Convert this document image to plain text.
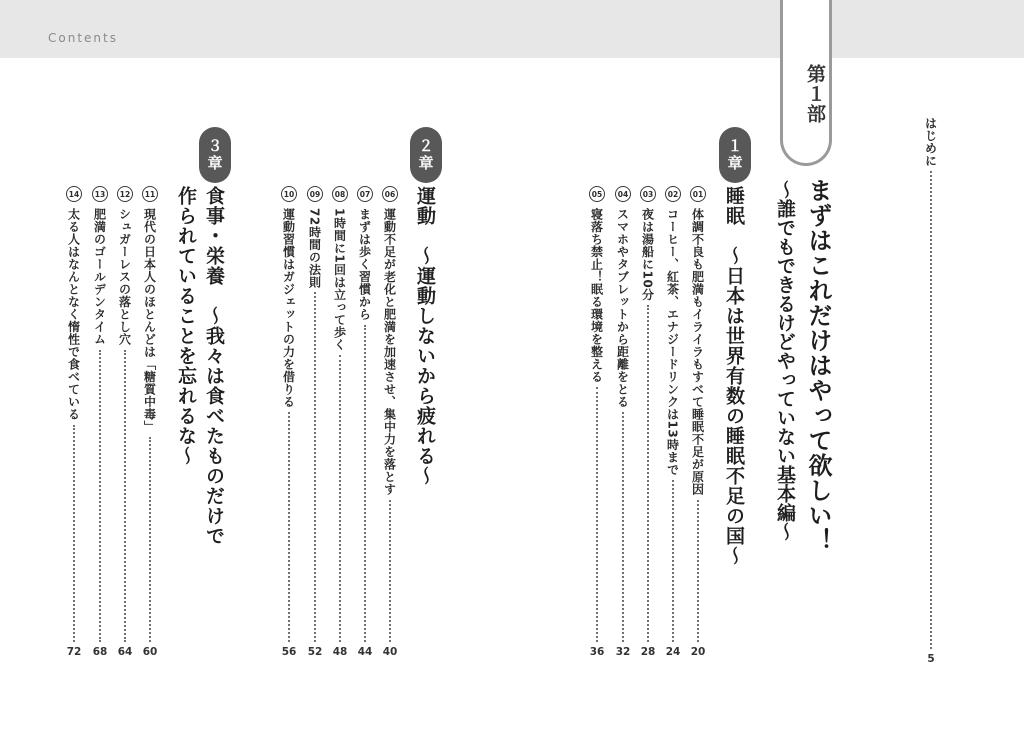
Contents
第１部
はじめに
5
まずはこれだけはやって欲しい！
～誰でもできるけどやっていない基本編～
１章
睡眠　～日本は世界有数の睡眠不足の国～
01
体調不良も肥満もイライラもすべて睡眠不足が原因
20
02
コーヒー、紅茶、エナジードリンクは13時まで
24
03
夜は湯船に10分
28
04
スマホやタブレットから距離をとる
32
05
寝落ち禁止！眠る環境を整える
36
２章
運動　～運動しないから疲れる～
06
運動不足が老化と肥満を加速させ、集中力を落とす
40
07
まずは歩く習慣から
44
08
1時間に1回は立って歩く
48
09
72時間の法則
52
10
運動習慣はガジェットの力を借りる
56
３章
食事・栄養　～我々は食べたものだけで
作られていることを忘れるな～
11
現代の日本人のほとんどは「糖質中毒」
60
12
シュガーレスの落とし穴
64
13
肥満のゴールデンタイム
68
14
太る人はなんとなく惰性で食べている
72
